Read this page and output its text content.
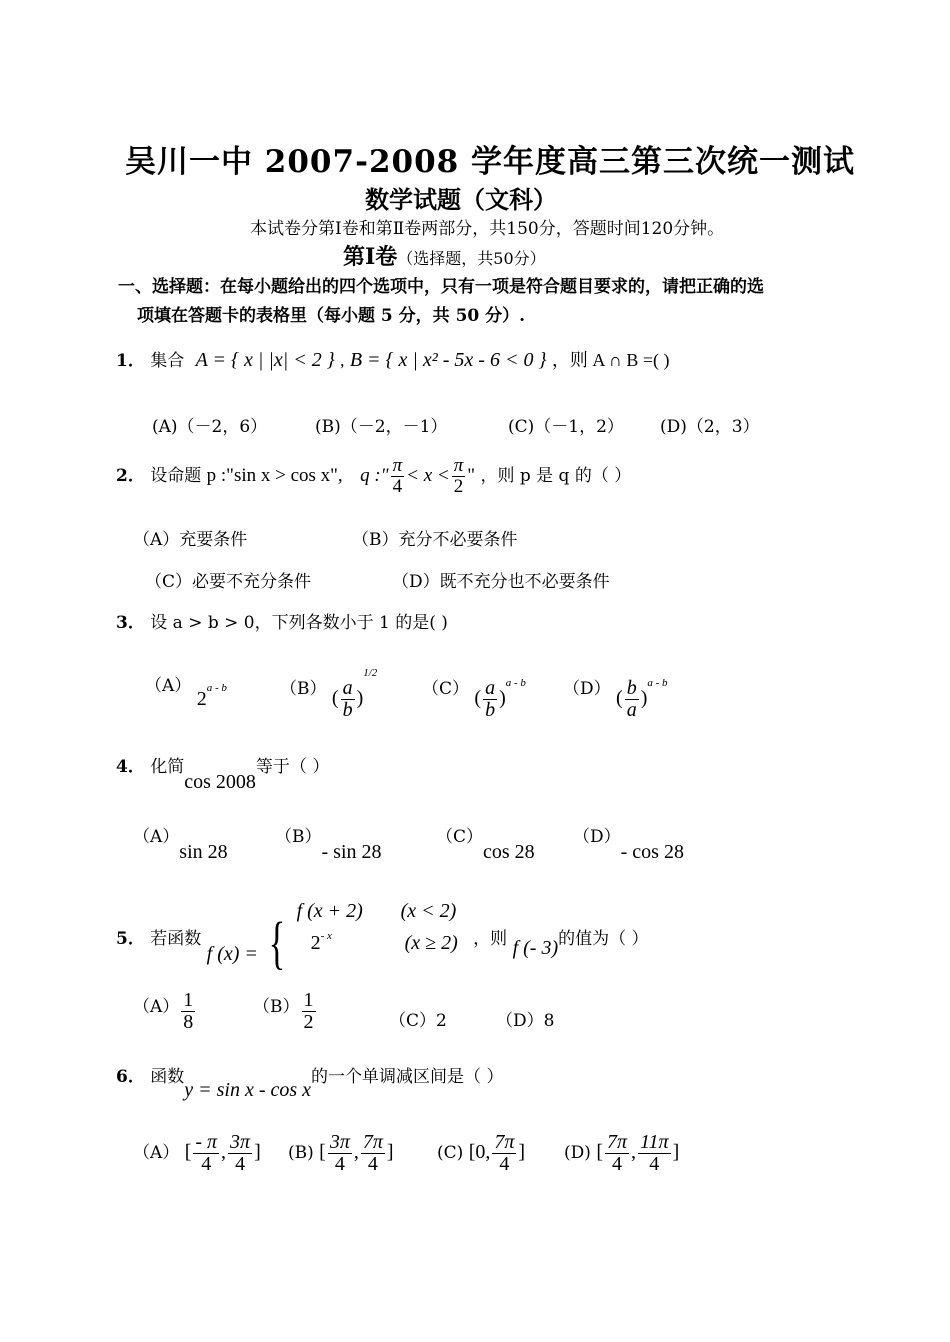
吴川一中 2007-2008 学年度高三第三次统一测试
数学试题（文科）
本试卷分第Ⅰ卷和第Ⅱ卷两部分，共150分，答题时间120分钟。
第Ⅰ卷（选择题，共50分）
一、选择题：在每小题给出的四个选项中，只有一项是符合题目要求的，请把正确的选
项填在答题卡的表格里（每小题 5 分，共 50 分）.
1． 集合 A = { x | |x| < 2 } , B = { x | x² - 5x - 6 < 0 } ，则 A ∩ B =( )
(A)（－2，6）	(B)（－2，－1）	(C)（－1，2） (D)（2，3）
2． 设命题 p :"sin x > cos x", q :" $\frac{\pi}{4} < x < \frac{\pi}{2}$ " ，则 p 是 q 的（ ）
（A）充要条件	（B）充分不必要条件
（C）必要不充分条件	（D）既不充分也不必要条件
3． 设 a > b > 0，下列各数小于 1 的是( )
（A） 2$^{a - b}$	（B） ( $\frac{a}{b} )^{1/2}$
（C） ( $\frac{a}{b} )^{a - b}$ （D） ( $\frac{b}{a} )^{a - b}$
4． 化简cos 2008等于（ ）
（A）sin 28
（B）- sin 28
（C）cos 28
（D）- cos 28
5． 若函数 f (x) = { f (x + 2) (x < 2)
$2^{- x}$	(x ≥ 2) ，则 f (- 3)的值为（ ）
$(A) \frac{1}{8}$	$(B) \frac{1}{2}$	（C）2	（D）8
6． 函数y = sin x - cos x的一个单调减区间是（ ）
（A） [ $\frac{- \pi}{4}$ , $\frac{3\pi}{4}$ ] (B) [ $\frac{3\pi}{4}$ , $\frac{7\pi}{4}$ ]	(C) [0, $\frac{7\pi}{4}$ ] (D) [ $\frac{7\pi}{4}$ , $\frac{11\pi}{4}$ ]
